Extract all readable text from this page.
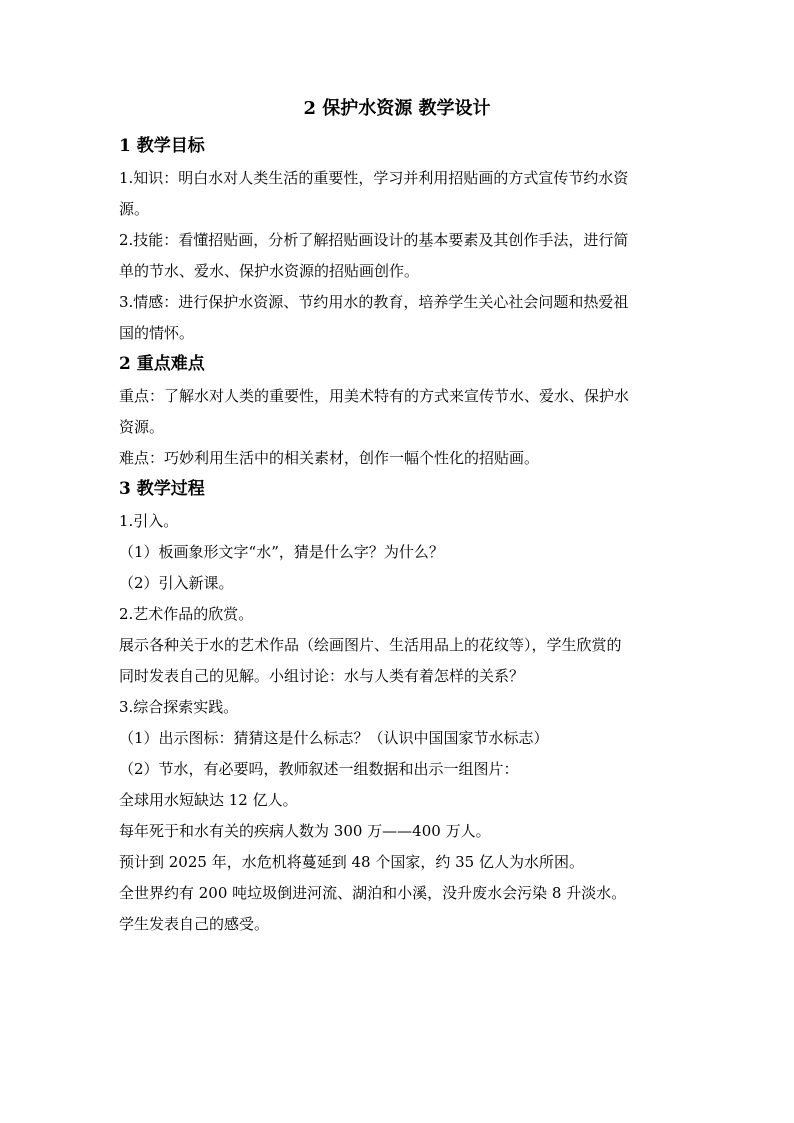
2 保护水资源 教学设计
1 教学目标
1.知识：明白水对人类生活的重要性，学习并利用招贴画的方式宣传节约水资
源。
2.技能：看懂招贴画，分析了解招贴画设计的基本要素及其创作手法，进行简
单的节水、爱水、保护水资源的招贴画创作。
3.情感：进行保护水资源、节约用水的教育，培养学生关心社会问题和热爱祖
国的情怀。
2 重点难点
重点：了解水对人类的重要性，用美术特有的方式来宣传节水、爱水、保护水
资源。
难点：巧妙利用生活中的相关素材，创作一幅个性化的招贴画。
3 教学过程
1.引入。
（1）板画象形文字“水”，猜是什么字？为什么？
（2）引入新课。
2.艺术作品的欣赏。
展示各种关于水的艺术作品（绘画图片、生活用品上的花纹等），学生欣赏的
同时发表自己的见解。小组讨论：水与人类有着怎样的关系？
3.综合探索实践。
（1）出示图标：猜猜这是什么标志？（认识中国国家节水标志）
（2）节水，有必要吗，教师叙述一组数据和出示一组图片：
全球用水短缺达 12 亿人。
每年死于和水有关的疾病人数为 300 万——400 万人。
预计到 2025 年，水危机将蔓延到 48 个国家，约 35 亿人为水所困。
全世界约有 200 吨垃圾倒进河流、湖泊和小溪，没升废水会污染 8 升淡水。
学生发表自己的感受。
